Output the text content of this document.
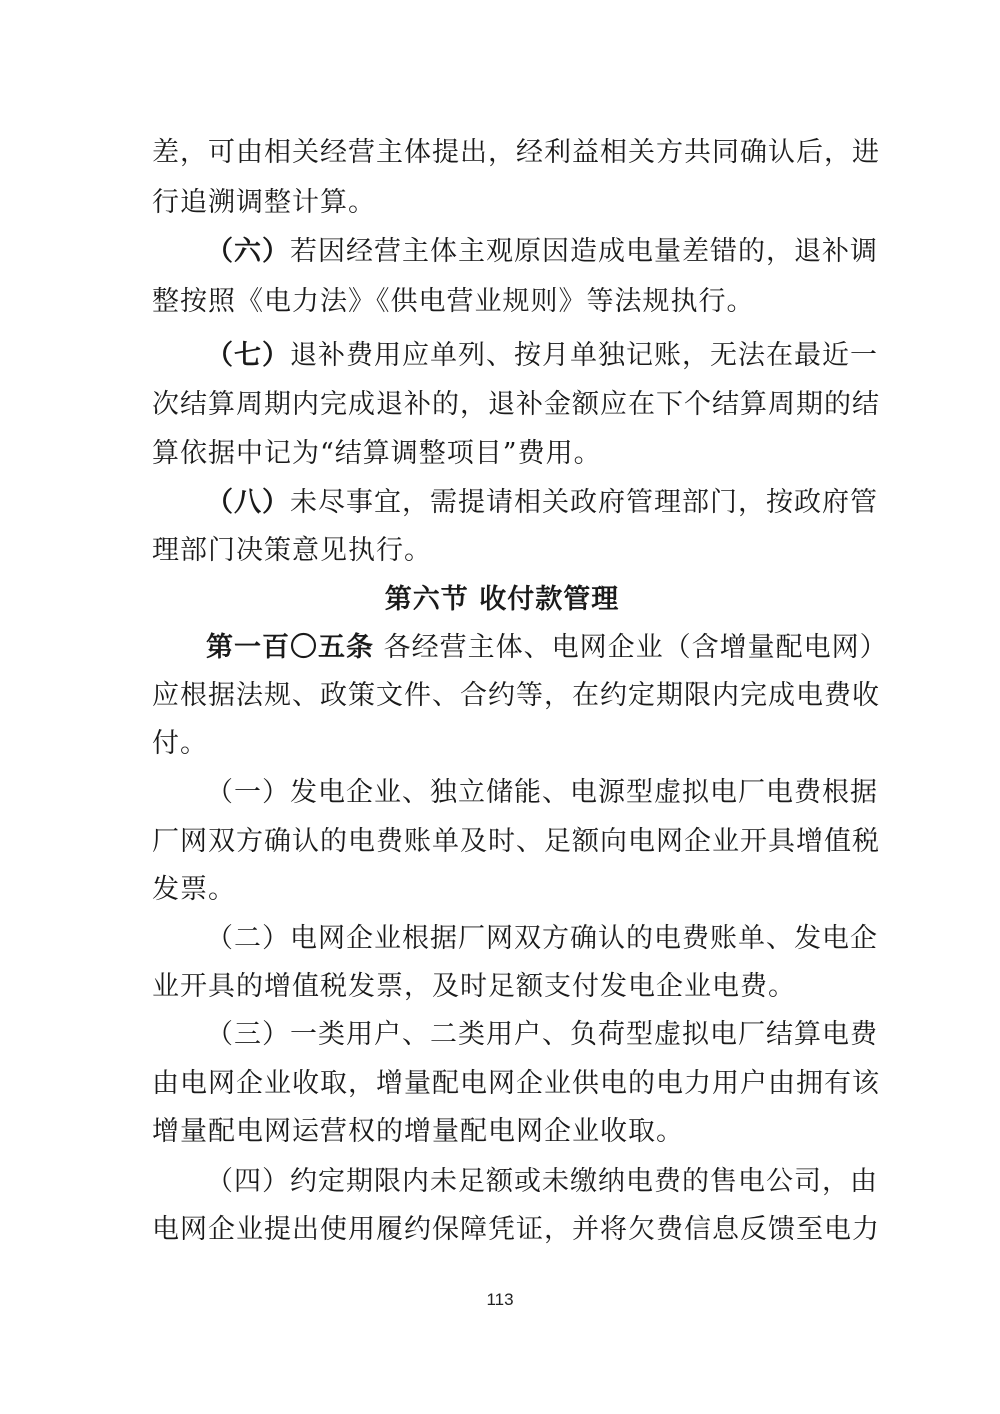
差，可由相关经营主体提出，经利益相关方共同确认后，进
行追溯调整计算。
（六）若因经营主体主观原因造成电量差错的，退补调
整按照《电力法》《供电营业规则》等法规执行。
（七）退补费用应单列、按月单独记账，无法在最近一
次结算周期内完成退补的，退补金额应在下个结算周期的结
算依据中记为“结算调整项目”费用。
（八）未尽事宜，需提请相关政府管理部门，按政府管
理部门决策意见执行。
第六节 收付款管理
第一百〇五条 各经营主体、电网企业（含增量配电网）
应根据法规、政策文件、合约等，在约定期限内完成电费收
付。
（一）发电企业、独立储能、电源型虚拟电厂电费根据
厂网双方确认的电费账单及时、足额向电网企业开具增值税
发票。
（二）电网企业根据厂网双方确认的电费账单、发电企
业开具的增值税发票，及时足额支付发电企业电费。
（三）一类用户、二类用户、负荷型虚拟电厂结算电费
由电网企业收取，增量配电网企业供电的电力用户由拥有该
增量配电网运营权的增量配电网企业收取。
（四）约定期限内未足额或未缴纳电费的售电公司，由
电网企业提出使用履约保障凭证，并将欠费信息反馈至电力
113
